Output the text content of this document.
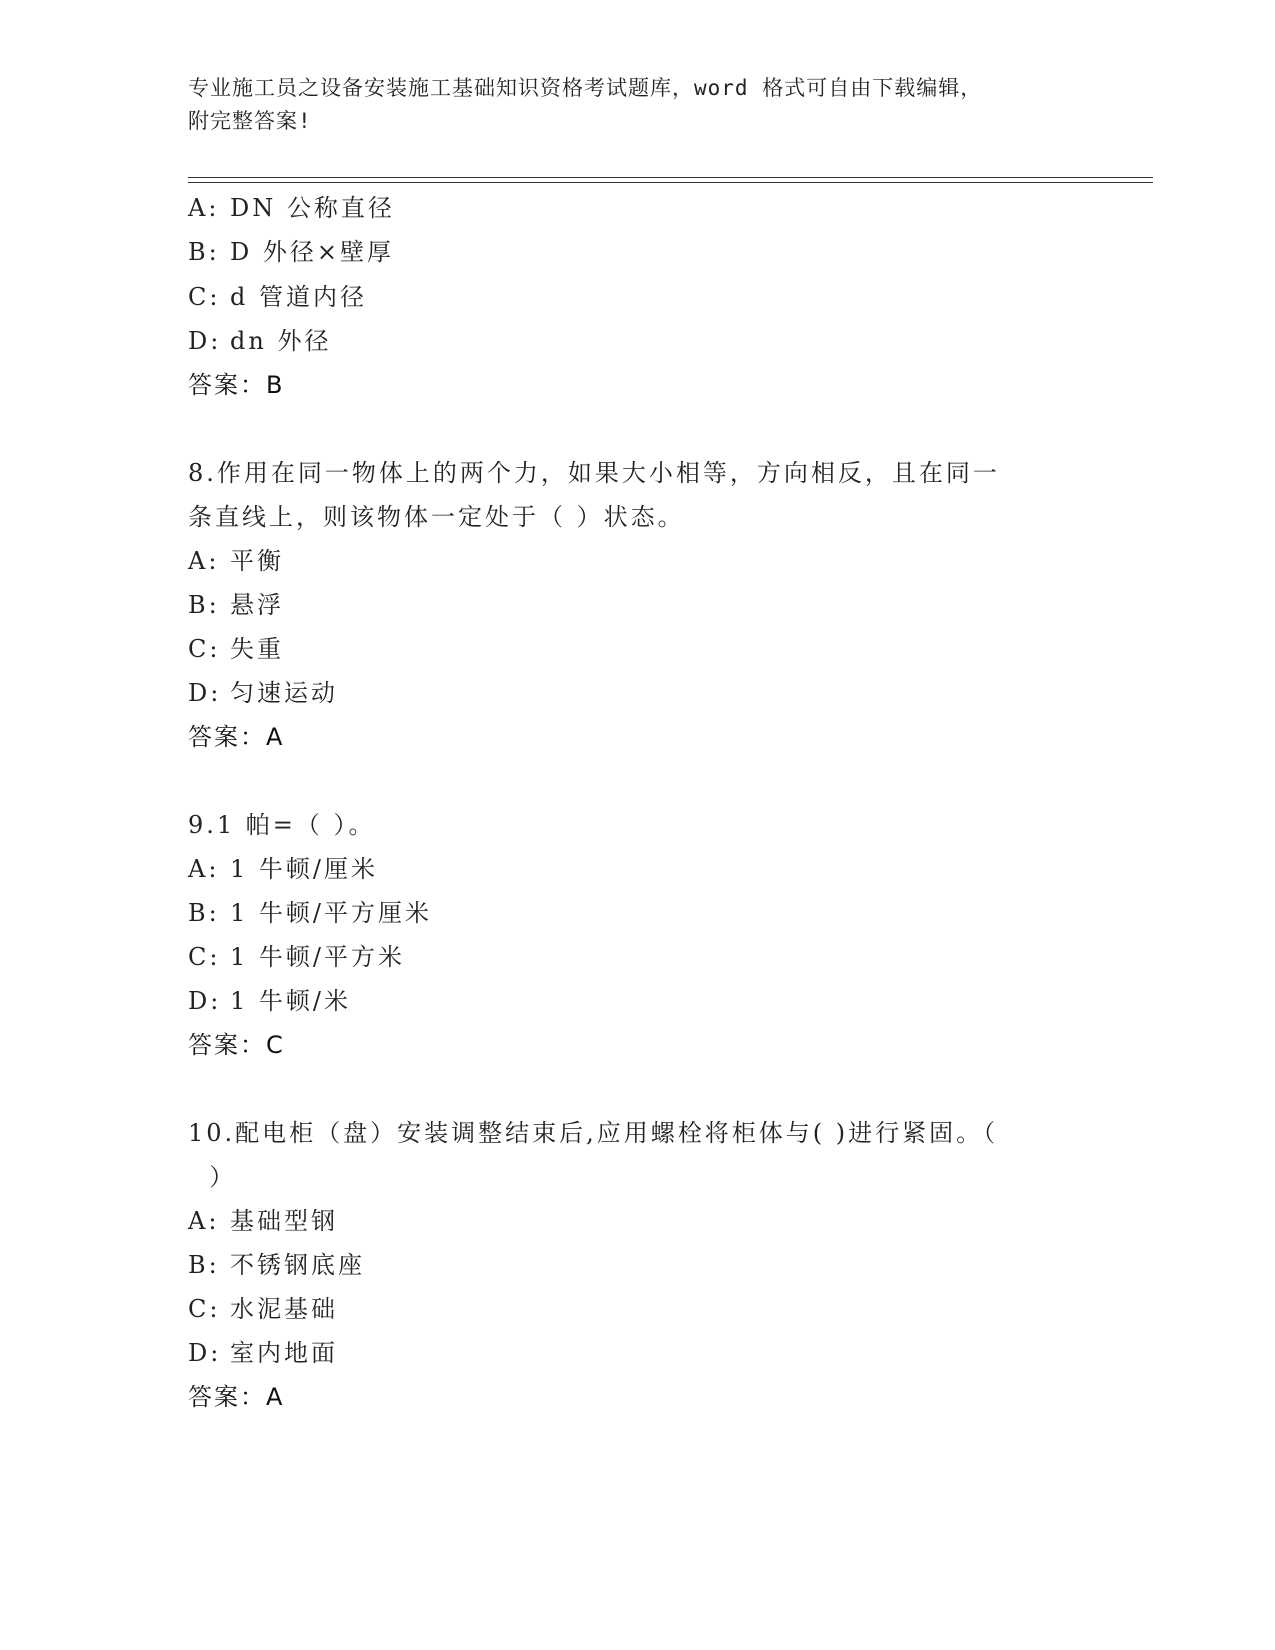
专业施工员之设备安装施工基础知识资格考试题库，word 格式可自由下载编辑，
附完整答案!
A: DN 公称直径
B: D 外径×壁厚
C: d 管道内径
D: dn 外径
答案：B
8.作用在同一物体上的两个力，如果大小相等，方向相反，且在同一
条直线上，则该物体一定处于（ ）状态。
A: 平衡
B: 悬浮
C: 失重
D: 匀速运动
答案：A
9.1 帕=（ ）。
A: 1 牛顿/厘米
B: 1 牛顿/平方厘米
C: 1 牛顿/平方米
D: 1 牛顿/米
答案：C
10.配电柜（盘）安装调整结束后,应用螺栓将柜体与( )进行紧固。（
）
A: 基础型钢
B: 不锈钢底座
C: 水泥基础
D: 室内地面
答案：A
